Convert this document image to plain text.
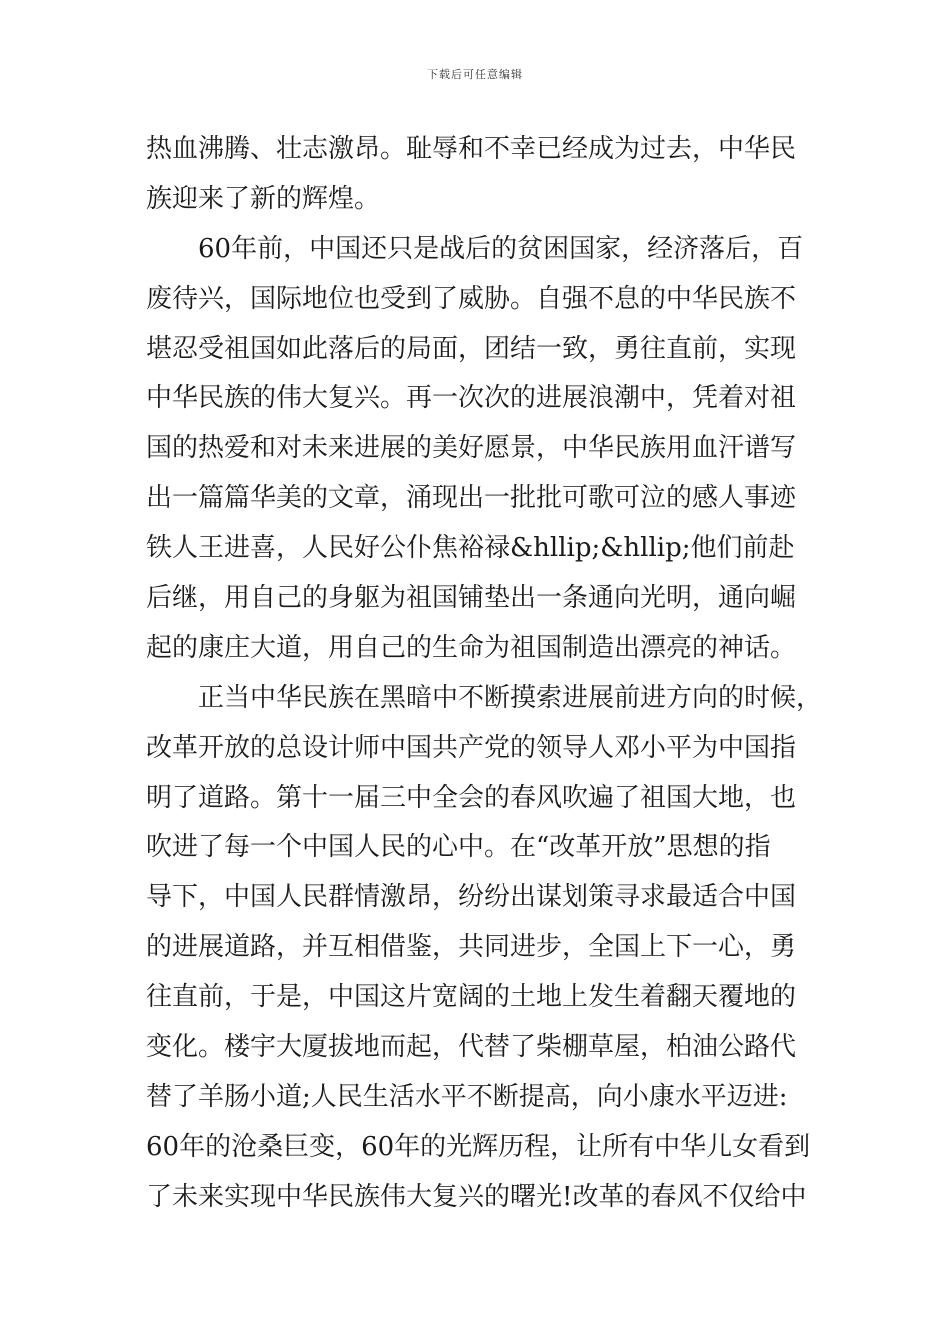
下载后可任意编辑
热血沸腾、壮志激昂。耻辱和不幸已经成为过去，中华民
族迎来了新的辉煌。
60年前，中国还只是战后的贫困国家，经济落后，百
废待兴，国际地位也受到了威胁。自强不息的中华民族不
堪忍受祖国如此落后的局面，团结一致，勇往直前，实现
中华民族的伟大复兴。再一次次的进展浪潮中，凭着对祖
国的热爱和对未来进展的美好愿景，中华民族用血汗谱写
出一篇篇华美的文章，涌现出一批批可歌可泣的感人事迹
铁人王进喜，人民好公仆焦裕禄&hllip;&hllip;他们前赴
后继，用自己的身躯为祖国铺垫出一条通向光明，通向崛
起的康庄大道，用自己的生命为祖国制造出漂亮的神话。
正当中华民族在黑暗中不断摸索进展前进方向的时候，
改革开放的总设计师中国共产党的领导人邓小平为中国指
明了道路。第十一届三中全会的春风吹遍了祖国大地，也
吹进了每一个中国人民的心中。在“改革开放”思想的指
导下，中国人民群情激昂，纷纷出谋划策寻求最适合中国
的进展道路，并互相借鉴，共同进步，全国上下一心，勇
往直前，于是，中国这片宽阔的土地上发生着翻天覆地的
变化。楼宇大厦拔地而起，代替了柴棚草屋，柏油公路代
替了羊肠小道;人民生活水平不断提高，向小康水平迈进:
60年的沧桑巨变，60年的光辉历程，让所有中华儿女看到
了未来实现中华民族伟大复兴的曙光!改革的春风不仅给中
